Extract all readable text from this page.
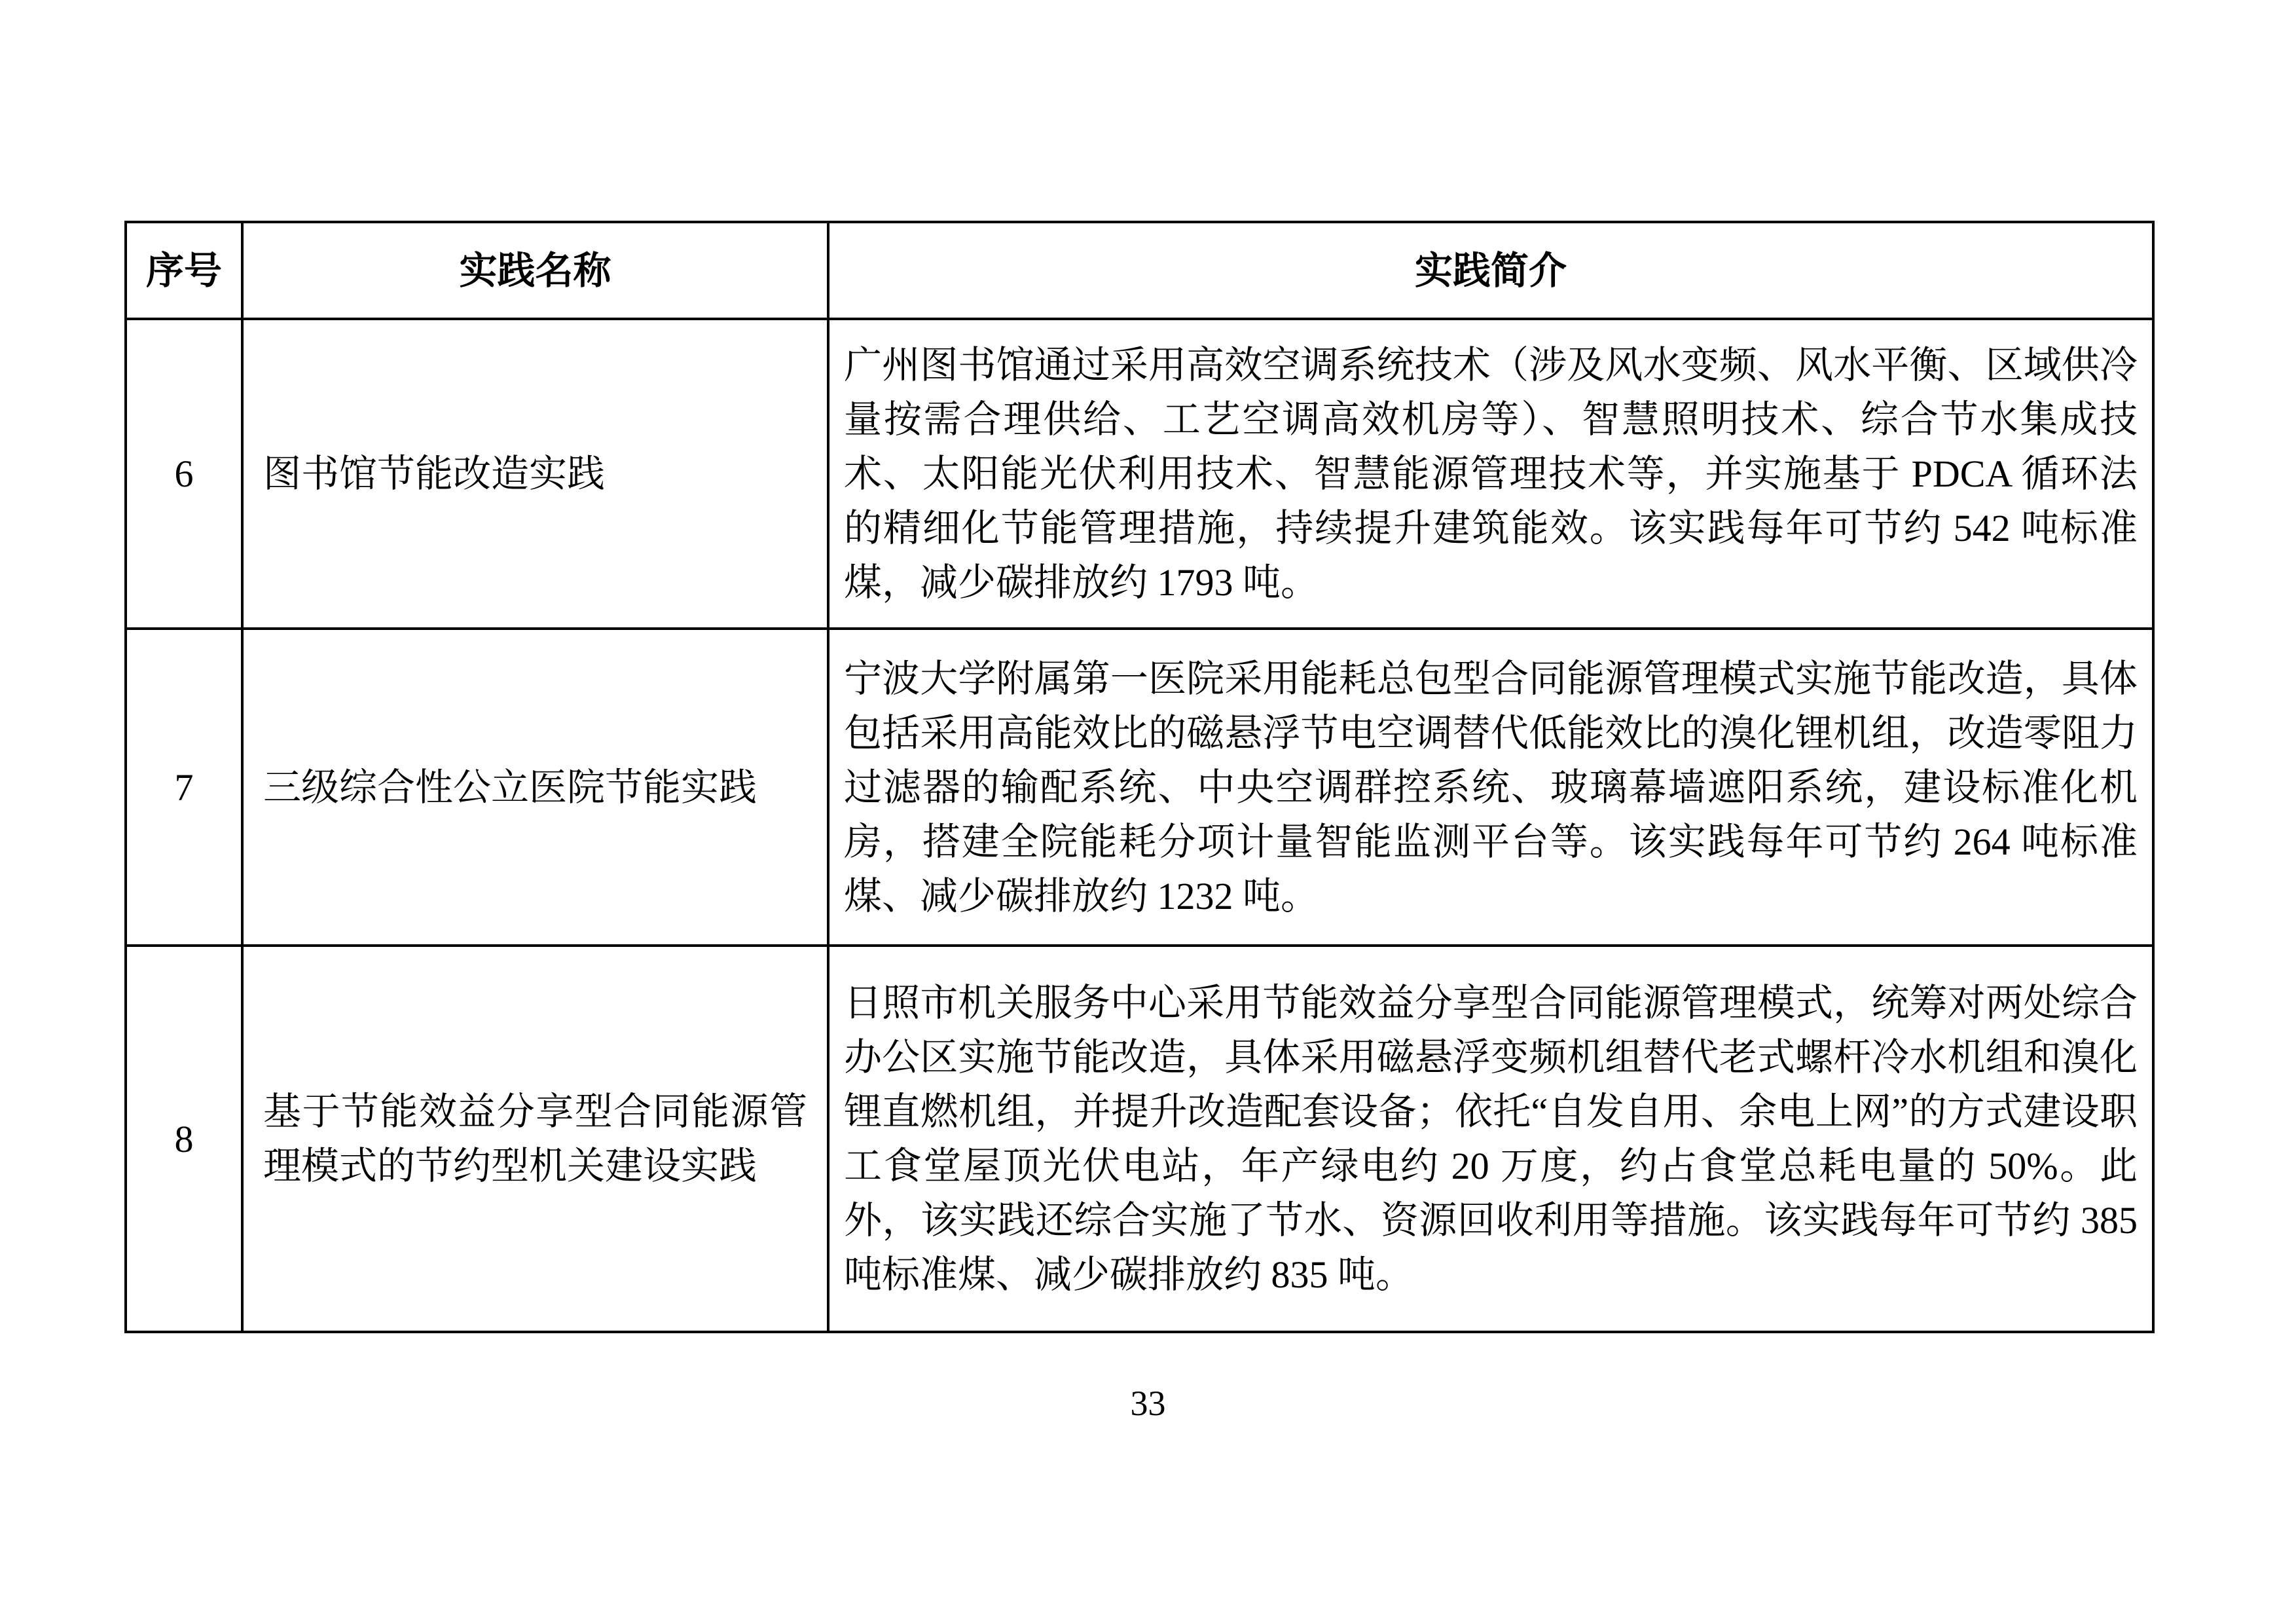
序号	实践名称	实践简介
6	图书馆节能改造实践	广州图书馆通过采用高效空调系统技术（涉及风水变频、风水平衡、区域供冷量按需合理供给、工艺空调高效机房等）、智慧照明技术、综合节水集成技术、太阳能光伏利用技术、智慧能源管理技术等，并实施基于 PDCA 循环法的精细化节能管理措施，持续提升建筑能效。该实践每年可节约 542 吨标准煤，减少碳排放约 1793 吨。
7	三级综合性公立医院节能实践	宁波大学附属第一医院采用能耗总包型合同能源管理模式实施节能改造，具体包括采用高能效比的磁悬浮节电空调替代低能效比的溴化锂机组，改造零阻力过滤器的输配系统、中央空调群控系统、玻璃幕墙遮阳系统，建设标准化机房，搭建全院能耗分项计量智能监测平台等。该实践每年可节约 264 吨标准煤、减少碳排放约 1232 吨。
8	基于节能效益分享型合同能源管理模式的节约型机关建设实践	日照市机关服务中心采用节能效益分享型合同能源管理模式，统筹对两处综合办公区实施节能改造，具体采用磁悬浮变频机组替代老式螺杆冷水机组和溴化锂直燃机组，并提升改造配套设备；依托“自发自用、余电上网”的方式建设职工食堂屋顶光伏电站，年产绿电约 20 万度，约占食堂总耗电量的 50%。此外，该实践还综合实施了节水、资源回收利用等措施。该实践每年可节约 385 吨标准煤、减少碳排放约 835 吨。
33
